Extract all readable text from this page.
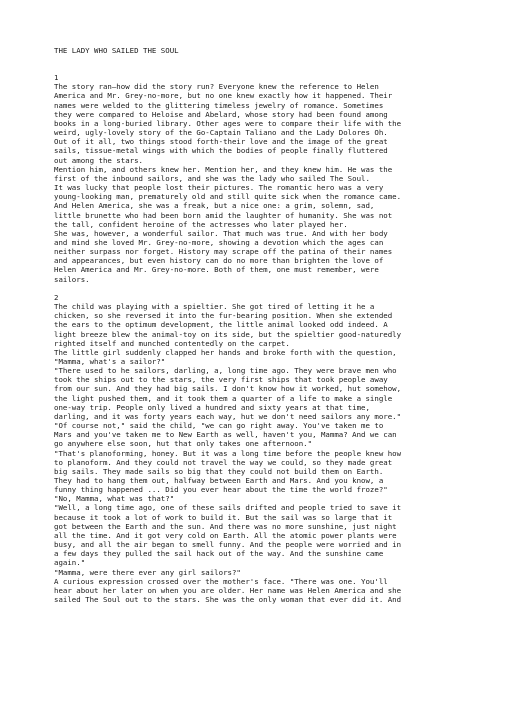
THE LADY WHO SAILED THE SOUL
1
The story ran—how did the story run? Everyone knew the reference to Helen
America and Mr. Grey-no-more, but no one knew exactly how it happened. Their
names were welded to the glittering timeless jewelry of romance. Sometimes
they were compared to Heloise and Abelard, whose story had been found among
books in a long-buried library. Other ages were to compare their life with the
weird, ugly-lovely story of the Go-Captain Taliano and the Lady Dolores Oh.
Out of it all, two things stood forth-their love and the image of the great
sails, tissue-metal wings with which the bodies of people finally fluttered
out among the stars.
Mention him, and others knew her. Mention her, and they knew him. He was the
first of the inbound sailors, and she was the lady who sailed The Soul.
It was lucky that people lost their pictures. The romantic hero was a very
young-looking man, prematurely old and still quite sick when the romance came.
And Helen America, she was a freak, but a nice one: a grim, solemn, sad,
little brunette who had been born amid the laughter of humanity. She was not
the tall, confident heroine of the actresses who later played her.
She was, however, a wonderful sailor. That much was true. And with her body
and mind she loved Mr. Grey-no-more, showing a devotion which the ages can
neither surpass nor forget. History may scrape off the patina of their names
and appearances, but even history can do no more than brighten the love of
Helen America and Mr. Grey-no-more. Both of them, one must remember, were
sailors.
2
The child was playing with a spieltier. She got tired of letting it he a
chicken, so she reversed it into the fur-bearing position. When she extended
the ears to the optimum development, the little animal looked odd indeed. A
light breeze blew the animal-toy on its side, but the spieltier good-naturedly
righted itself and munched contentedly on the carpet.
The little girl suddenly clapped her hands and broke forth with the question,
"Mamma, what's a sailor?"
"There used to he sailors, darling, a, long time ago. They were brave men who
took the ships out to the stars, the very first ships that took people away
from our sun. And they had big sails. I don't know how it worked, hut somehow,
the light pushed them, and it took them a quarter of a life to make a single
one-way trip. People only lived a hundred and sixty years at that time,
darling, and it was forty years each way, hut we don't need sailors any more."
"Of course not," said the child, "we can go right away. You've taken me to
Mars and you've taken me to New Earth as well, haven't you, Mamma? And we can
go anywhere else soon, hut that only takes one afternoon."
"That's planoforming, honey. But it was a long time before the people knew how
to planoform. And they could not travel the way we could, so they made great
big sails. They made sails so big that they could not build them on Earth.
They had to hang them out, halfway between Earth and Mars. And you know, a
funny thing happened ... Did you ever hear about the time the world froze?"
"No, Mamma, what was that?"
"Well, a long time ago, one of these sails drifted and people tried to save it
because it took a lot of work to build it. But the sail was so large that it
got between the Earth and the sun. And there was no more sunshine, just night
all the time. And it got very cold on Earth. All the atomic power plants were
busy, and all the air began to smell funny. And the people were worried and in
a few days they pulled the sail hack out of the way. And the sunshine came
again."
"Mamma, were there ever any girl sailors?"
A curious expression crossed over the mother's face. "There was one. You'll
hear about her later on when you are older. Her name was Helen America and she
sailed The Soul out to the stars. She was the only woman that ever did it. And
